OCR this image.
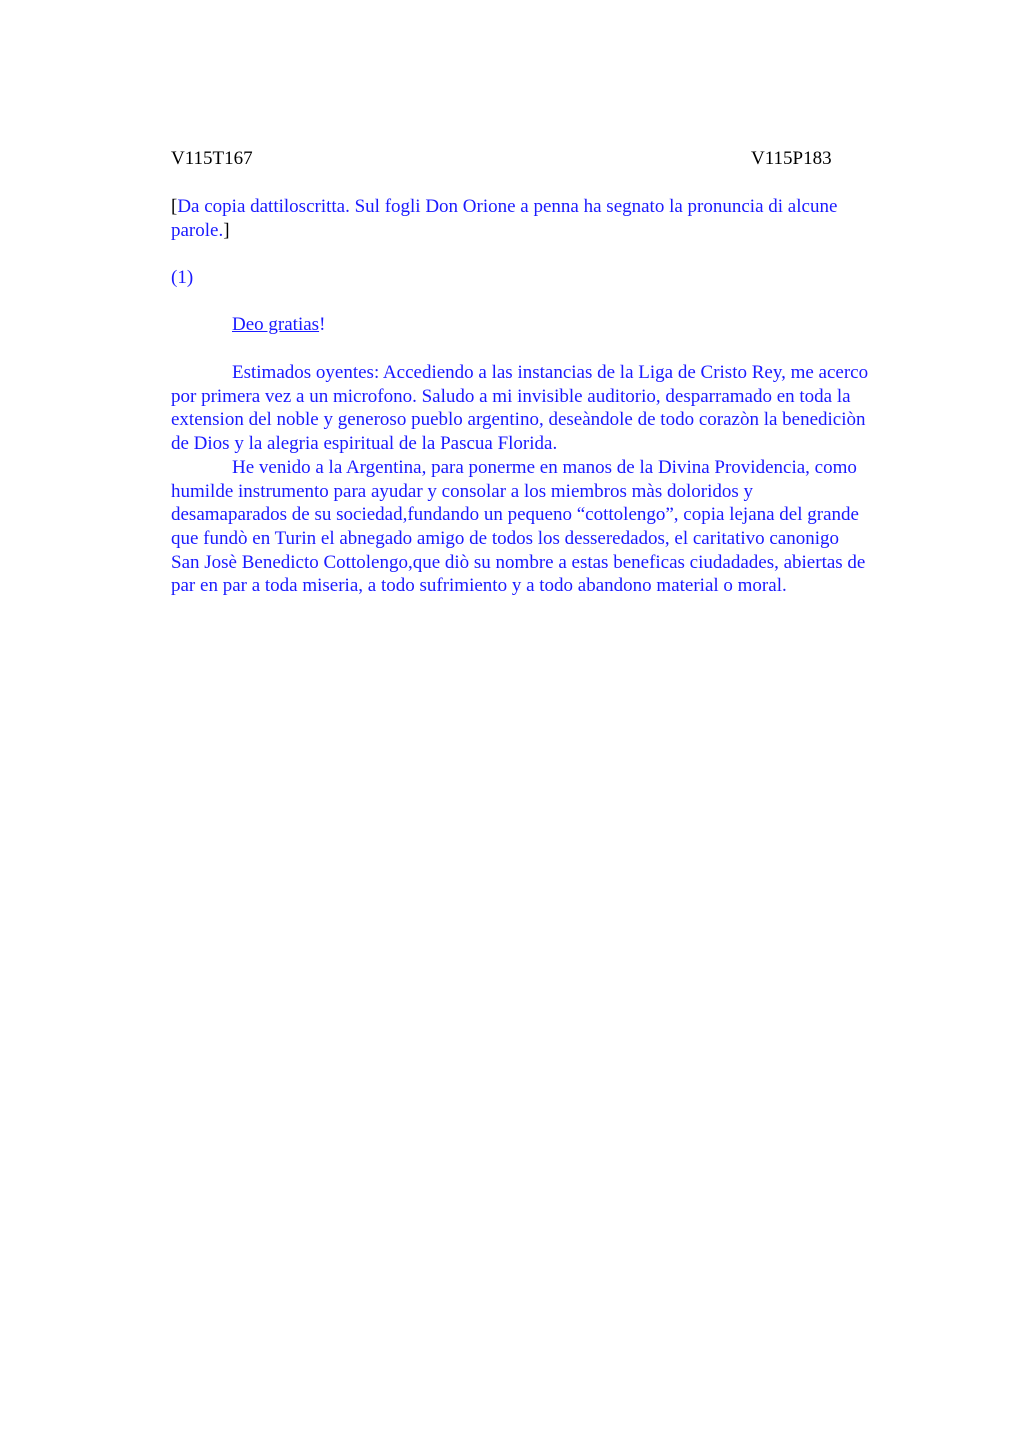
V115T167	V115P183
[Da copia dattiloscritta. Sul fogli Don Orione a penna ha segnato la pronuncia di alcune
parole.]
(1)
Deo gratias!

Estimados oyentes: Accediendo a las instancias de la Liga de Cristo Rey, me acerco
por primera vez a un microfono. Saludo a mi invisible auditorio, desparramado en toda la
extension del noble y generoso pueblo argentino, deseàndole de todo corazòn la benediciòn
de Dios y la alegria espiritual de la Pascua Florida.

He venido a la Argentina, para ponerme en manos de la Divina Providencia, como
humilde instrumento para ayudar y consolar a los miembros màs doloridos y
desamaparados de su sociedad,fundando un pequeno “cottolengo”, copia lejana del grande
que fundò en Turin el abnegado amigo de todos los desseredados, el caritativo canonigo
San Josè Benedicto Cottolengo,que diò su nombre a estas beneficas ciudadades, abiertas de
par en par a toda miseria, a todo sufrimiento y a todo abandono material o moral.
